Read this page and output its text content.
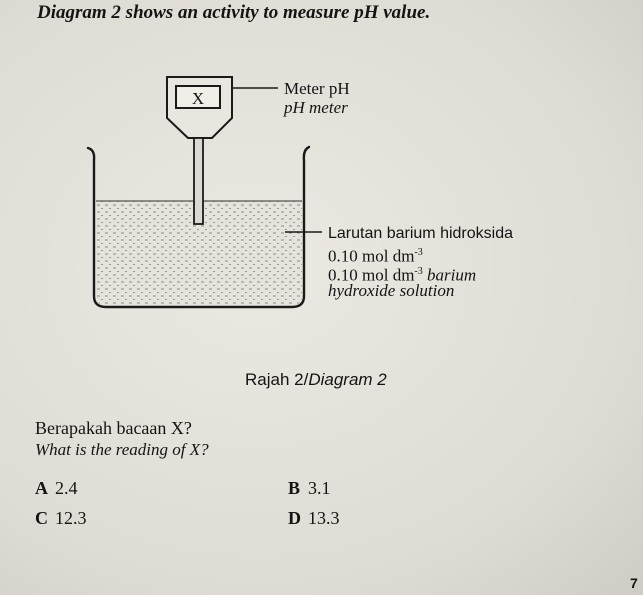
Diagram 2 shows an activity to measure pH value.
X
Meter pH
pH meter
Larutan barium hidroksida
0.10 mol $dm^{-3}$
0.10 mol $dm^{-3}$ barium
hydroxide solution
Rajah 2/Diagram 2
Berapakah bacaan X?
What is the reading of X?
A 2.4	B 3.1
C 12.3	D 13.3
7
